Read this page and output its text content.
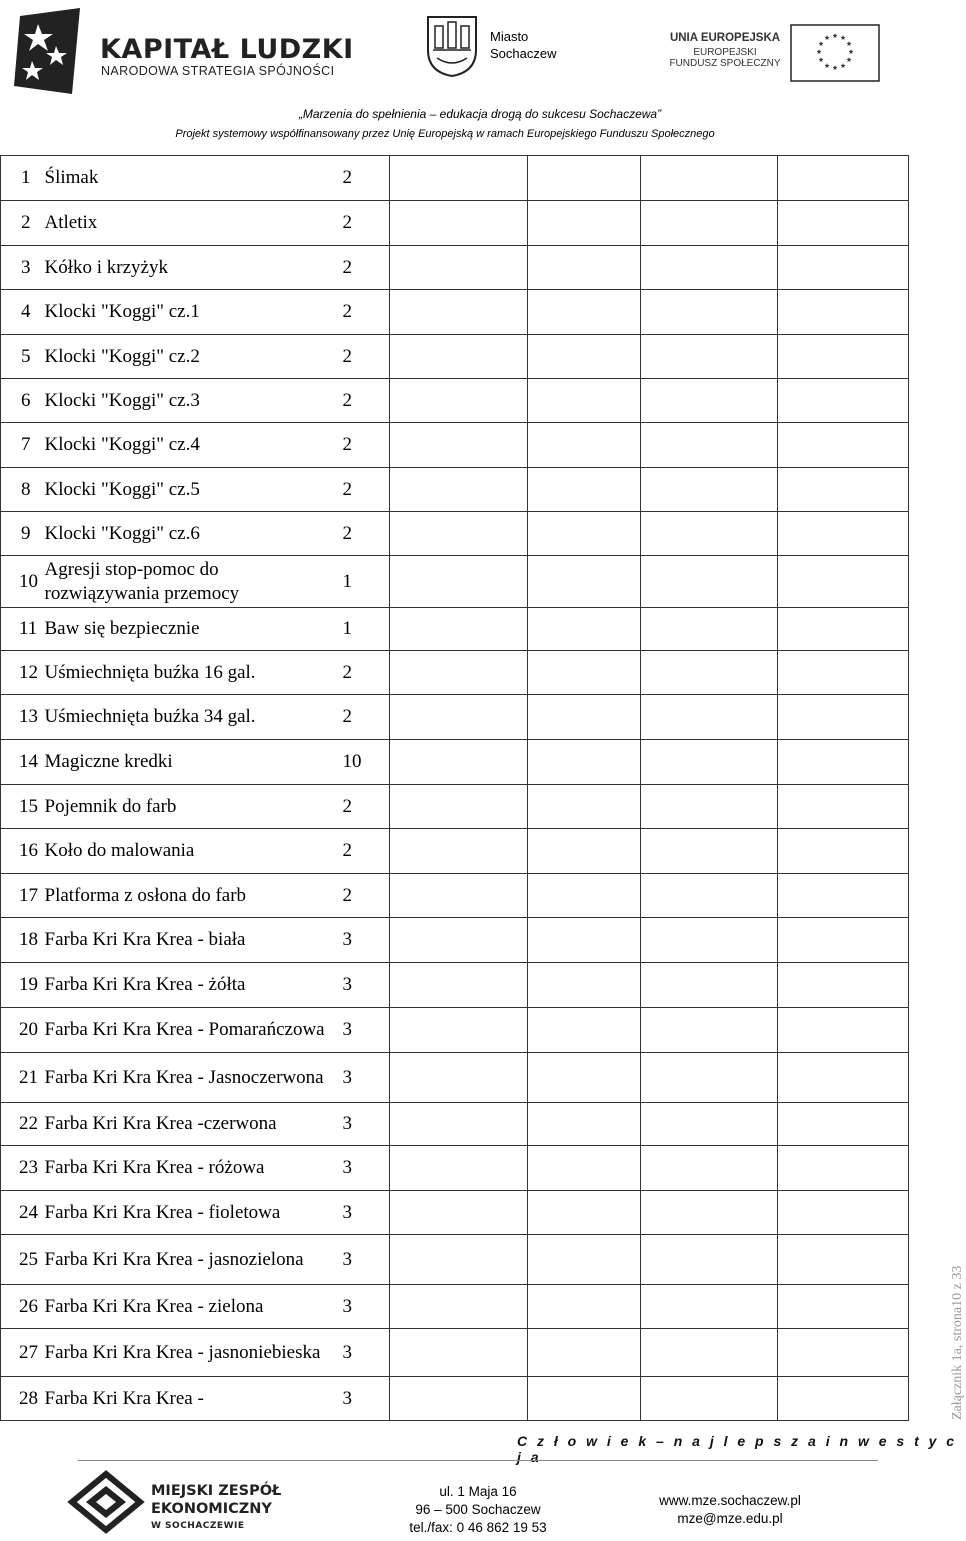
KAPITAŁ LUDZKI
NARODOWA STRATEGIA SPÓJNOŚCI
Miasto
Sochaczew
UNIA EUROPEJSKA
EUROPEJSKI
FUNDUSZ SPOŁECZNY
★ ★
★
★
★
★
★
★
★
★
★
★
„Marzenia do spełnienia – edukacja drogą do sukcesu Sochaczewa”
Projekt systemowy współfinansowany przez Unię Europejską w ramach Europejskiego Funduszu Społecznego
1	Ślimak	2				
2	Atletix	2				
3	Kółko i krzyżyk	2				
4	Klocki "Koggi" cz.1	2				
5	Klocki "Koggi" cz.2	2				
6	Klocki "Koggi" cz.3	2				
7	Klocki "Koggi" cz.4	2				
8	Klocki "Koggi" cz.5	2				
9	Klocki "Koggi" cz.6	2				
10	Agresji stop-pomoc do rozwiązywania przemocy	1				
11	Baw się bezpiecznie	1				
12	Uśmiechnięta buźka 16 gal.	2				
13	Uśmiechnięta buźka 34 gal.	2				
14	Magiczne kredki	10				
15	Pojemnik do farb	2				
16	Koło do malowania	2				
17	Platforma z osłona do farb	2				
18	Farba Kri Kra Krea - biała	3				
19	Farba Kri Kra Krea - żółta	3				
20	Farba Kri Kra Krea - Pomarańczowa	3				
21	Farba Kri Kra Krea - Jasnoczerwona	3				
22	Farba Kri Kra Krea -czerwona	3				
23	Farba Kri Kra Krea - różowa	3				
24	Farba Kri Kra Krea - fioletowa	3				
25	Farba Kri Kra Krea - jasnozielona	3				
26	Farba Kri Kra Krea - zielona	3				
27	Farba Kri Kra Krea - jasnoniebieska	3				
28	Farba Kri Kra Krea -	3					Załącznik 1a, strona10 z 33
C z ł o w i e k – n a j l e p s z a i n w e s t y c j a
MIEJSKI ZESPÓŁ
EKONOMICZNY
W SOCHACZEWIE
ul. 1 Maja 16
96 – 500 Sochaczew
tel./fax: 0 46 862 19 53
www.mze.sochaczew.pl
mze@mze.edu.pl
